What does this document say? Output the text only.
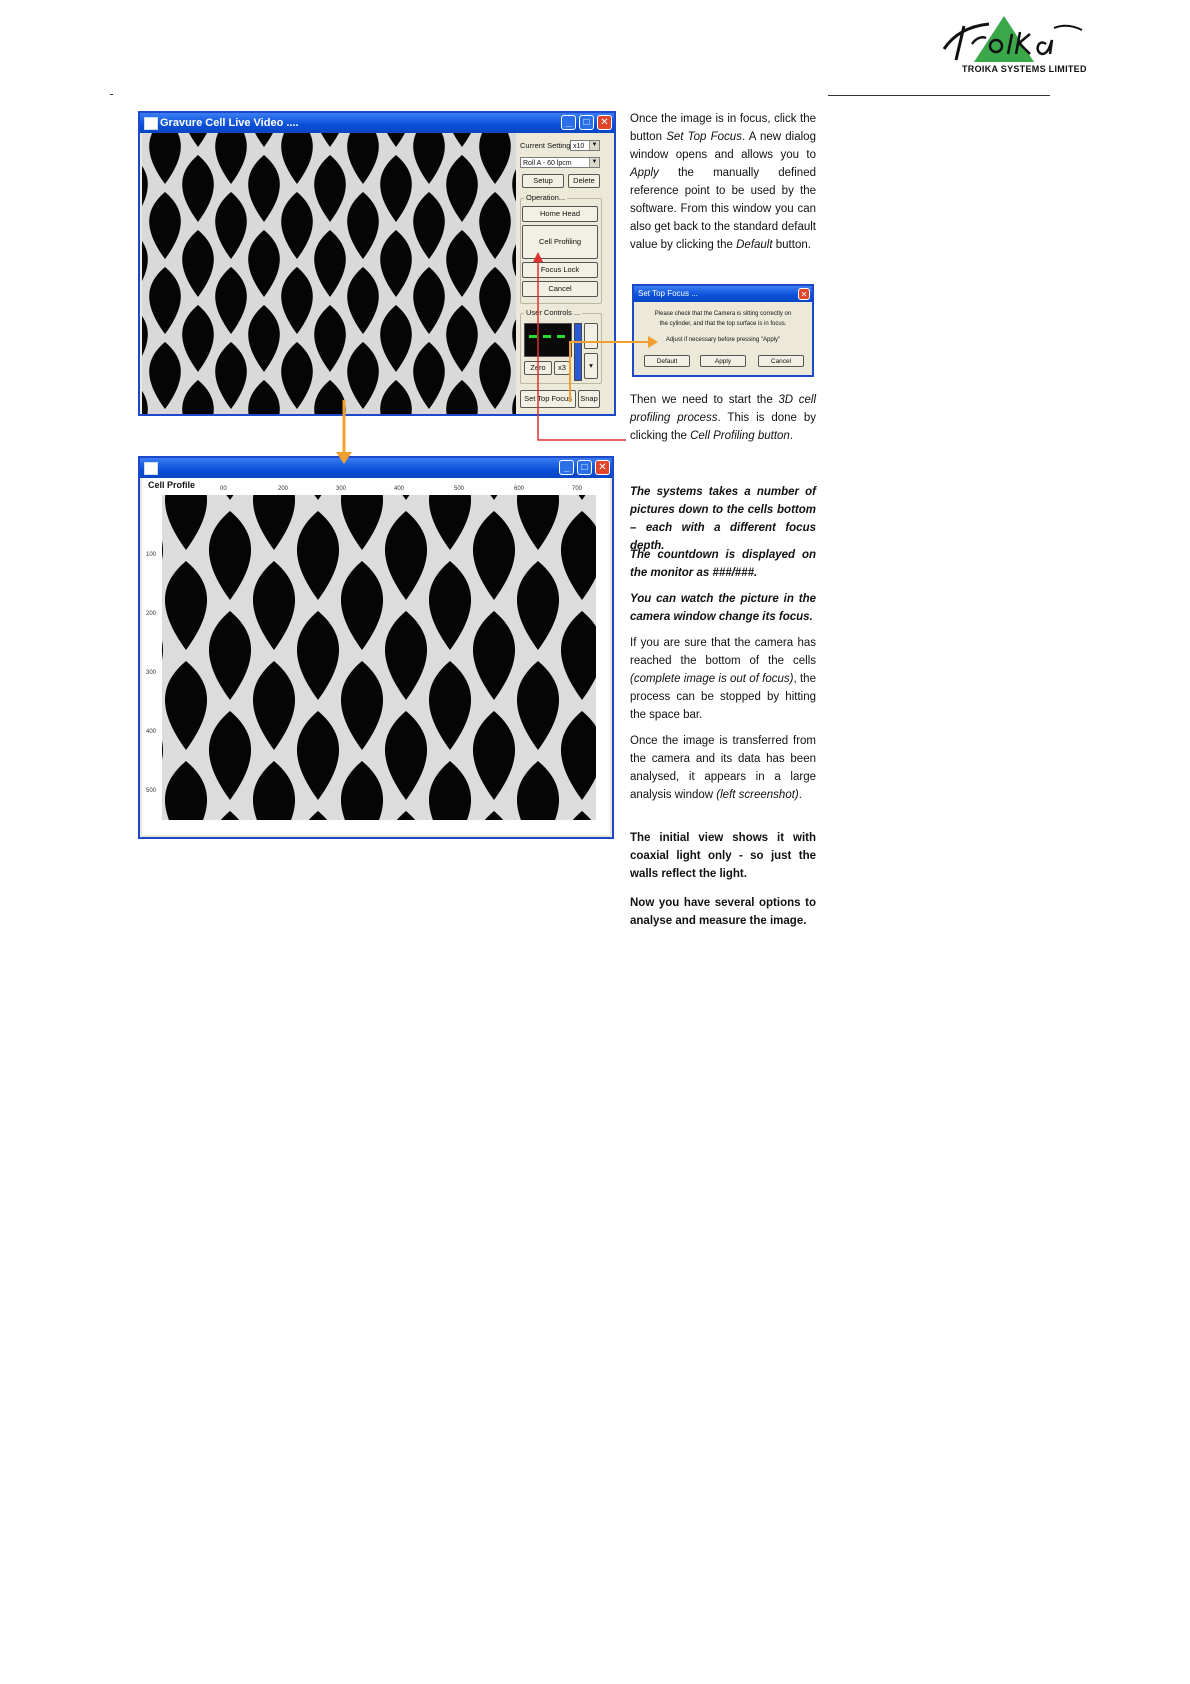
TROIKA SYSTEMS LIMITED
Gravure Cell Live Video ....	_	□	✕
Current Setting x10	▼
Roll A - 60 lpcm	▼
Setup	Delete
Operation...
Home Head
Cell Profiling
Focus Lock
Cancel
User Controls ...
▾
Zero	x3
Set Top Focus	Snap
Set Top Focus ...	✕
Please check that the Camera is sitting correctly on
the cylinder, and that the top surface is in focus.
Adjust if necessary before pressing "Apply"
Default	Apply	Cancel
_	□	✕
Cell Profile	00	200	300	400	500	600	700
100
200
300
400
500
Once the image is in focus, click the button Set Top Focus. A new dialog window opens and allows you to Apply the manually defined reference point to be used by the software. From this window you can also get back to the standard default value by clicking the Default button.
Then we need to start the 3D cell profiling process. This is done by clicking the Cell Profiling button.
The systems takes a number of pictures down to the cells bottom – each with a different focus depth.
The countdown is displayed on the monitor as ###/###.
You can watch the picture in the camera window change its focus.
If you are sure that the camera has reached the bottom of the cells (complete image is out of focus), the process can be stopped by hitting the space bar.
Once the image is transferred from the camera and its data has been analysed, it appears in a large analysis window (left screenshot).
The initial view shows it with coaxial light only - so just the walls reflect the light.
Now you have several options to analyse and measure the image.
